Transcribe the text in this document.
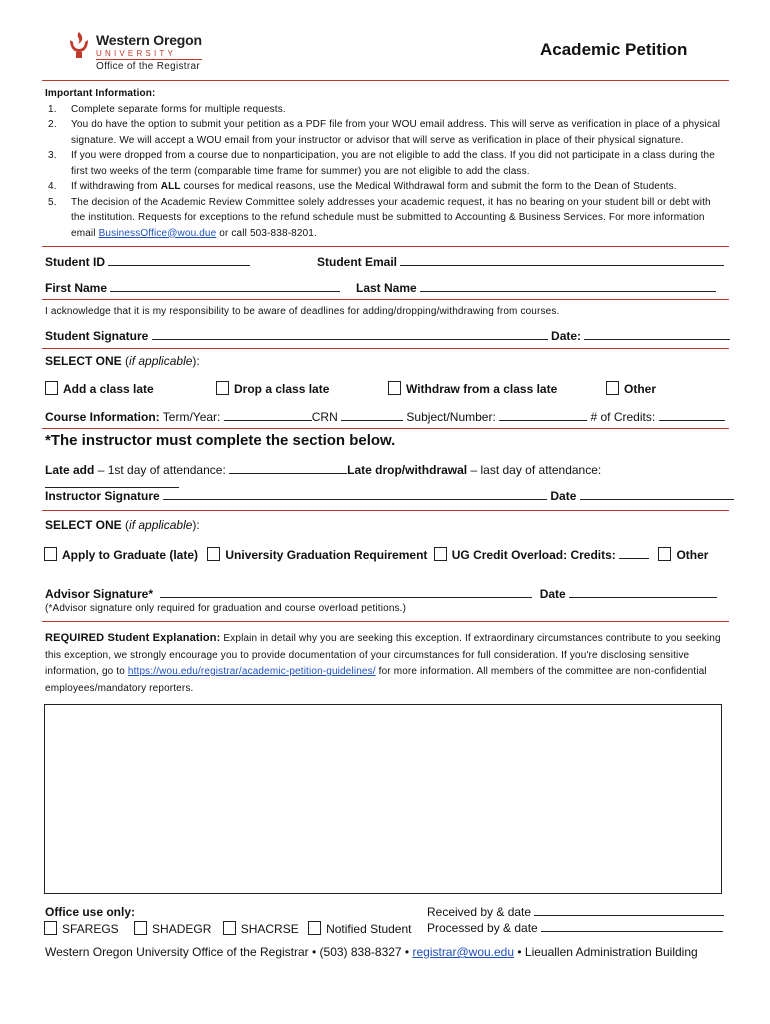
Western Oregon
UNIVERSITY
Office of the Registrar
Academic Petition
Important Information:
1. Complete separate forms for multiple requests.
2. You do have the option to submit your petition as a PDF file from your WOU email address. This will serve as verification in place of a physical signature. We will accept a WOU email from your instructor or advisor that will serve as verification in place of their physical signature.
3. If you were dropped from a course due to nonparticipation, you are not eligible to add the class. If you did not participate in a class during the first two weeks of the term (comparable time frame for summer) you are not eligible to add the class.
4. If withdrawing from ALL courses for medical reasons, use the Medical Withdrawal form and submit the form to the Dean of Students.
5. The decision of the Academic Review Committee solely addresses your academic request, it has no bearing on your student bill or debt with the institution. Requests for exceptions to the refund schedule must be submitted to Accounting & Business Services. For more information email BusinessOffice@wou.due or call 503-838-8201.
Student ID	Student Email
First Name	Last Name
I acknowledge that it is my responsibility to be aware of deadlines for adding/dropping/withdrawing from courses.
Student Signature	Date:
SELECT ONE (if applicable):
Add a class late	Drop a class late	Withdraw from a class late	Other
Course Information: Term/Year:	CRN	Subject/Number:	# of Credits:
*The instructor must complete the section below.
Late add – 1st day of attendance:	Late drop/withdrawal – last day of attendance:
Instructor Signature	Date
SELECT ONE (if applicable):
Apply to Graduate (late) University Graduation Requirement UG Credit Overload: Credits:	Other
Advisor Signature*	Date
(*Advisor signature only required for graduation and course overload petitions.)
REQUIRED Student Explanation: Explain in detail why you are seeking this exception. If extraordinary circumstances contribute to you seeking this exception, we strongly encourage you to provide documentation of your circumstances for full consideration. If you're disclosing sensitive information, go to https://wou.edu/registrar/academic-petition-guidelines/ for more information. All members of the committee are non-confidential employees/mandatory reporters.
Office use only:
SFAREGS	SHADEGR SHACRSE Notified Student
Received by & date
Processed by & date
Western Oregon University Office of the Registrar • (503) 838-8327 • registrar@wou.edu • Lieuallen Administration Building
